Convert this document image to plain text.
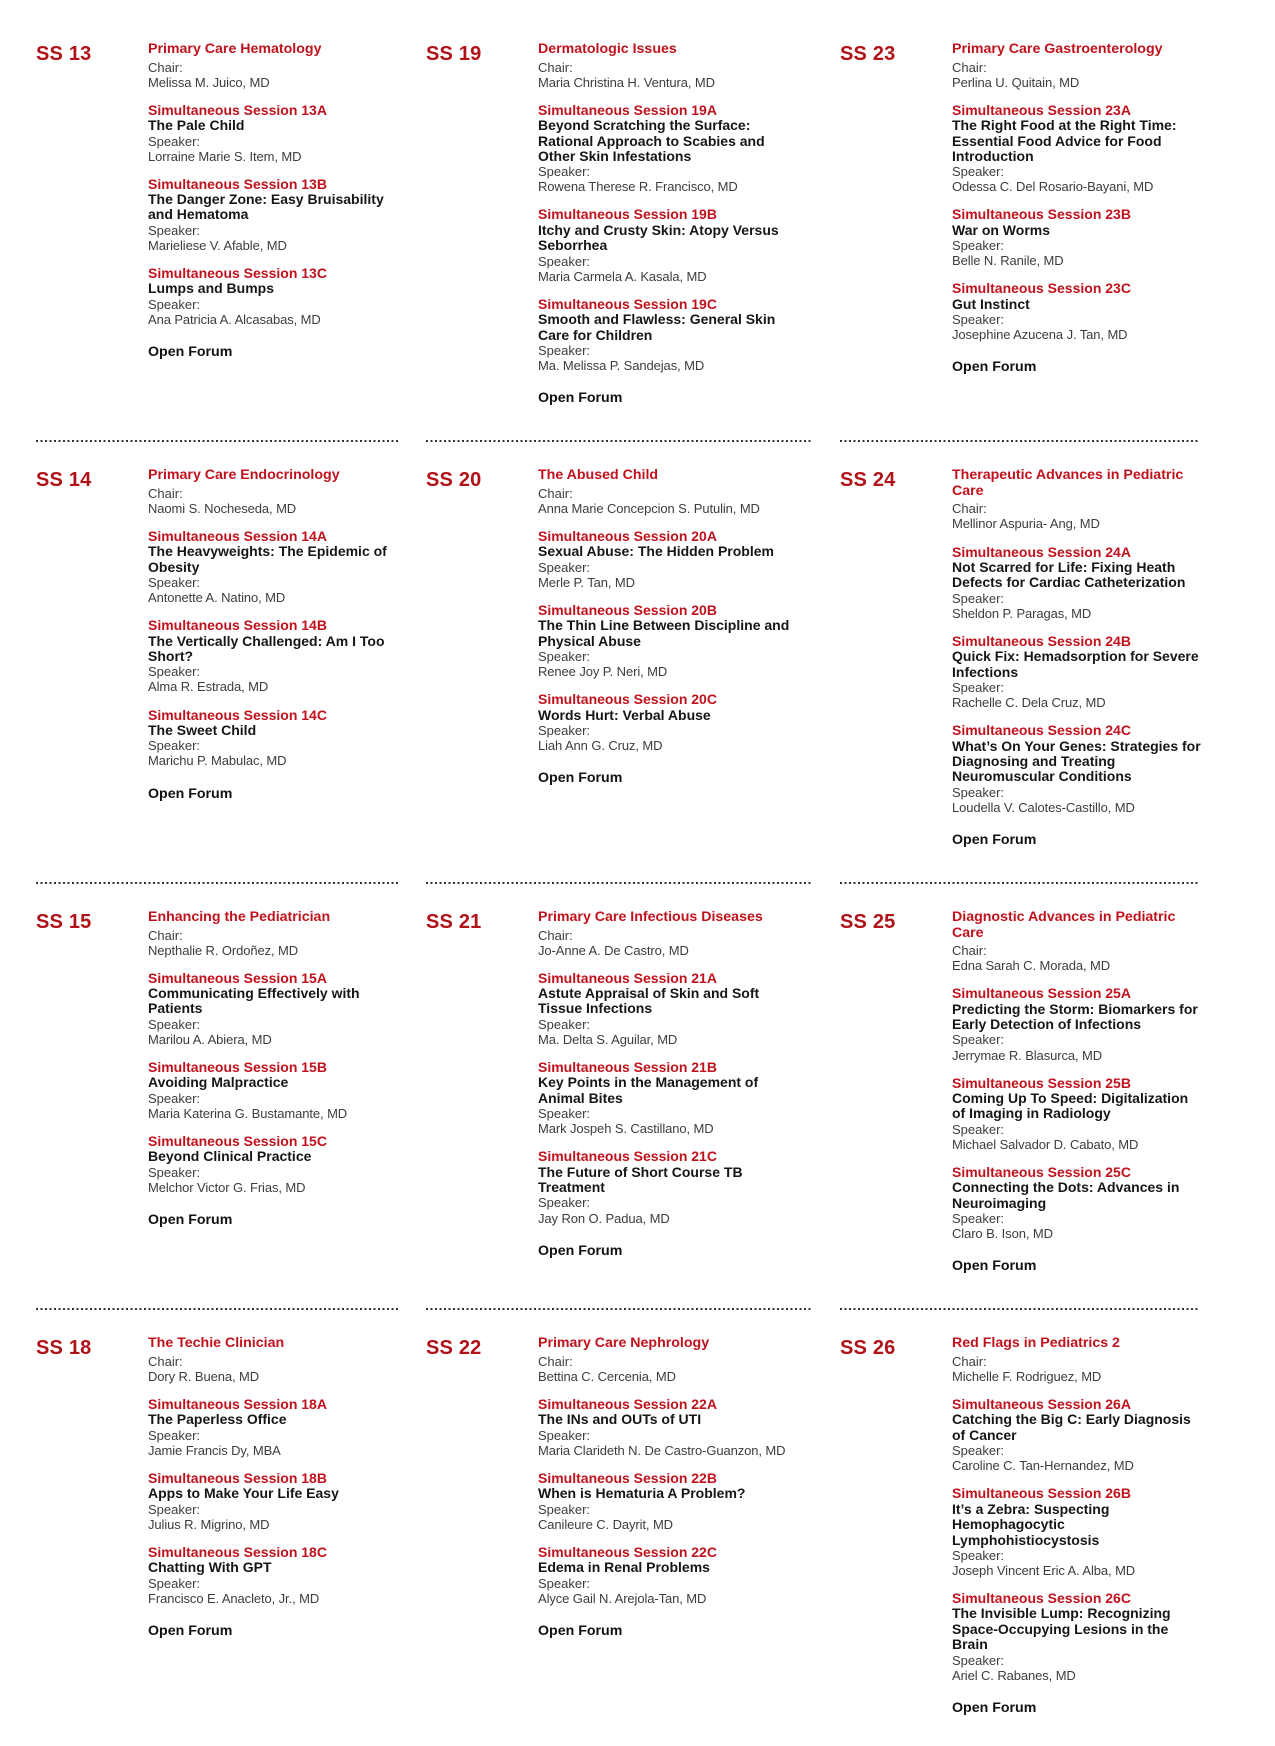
SS 13	Primary Care Hematology

Chair:

Melissa M. Juico, MD

Simultaneous Session 13A

The Pale Child

Speaker:

Lorraine Marie S. Item, MD

Simultaneous Session 13B

The Danger Zone: Easy Bruisability and Hematoma

Speaker:

Marieliese V. Afable, MD

Simultaneous Session 13C

Lumps and Bumps

Speaker:

Ana Patricia A. Alcasabas, MD

Open Forum

SS 19	Dermatologic Issues

Chair:

Maria Christina H. Ventura, MD

Simultaneous Session 19A

Beyond Scratching the Surface: Rational Approach to Scabies and Other Skin Infestations

Speaker:

Rowena Therese R. Francisco, MD

Simultaneous Session 19B

Itchy and Crusty Skin: Atopy Versus Seborrhea

Speaker:

Maria Carmela A. Kasala, MD

Simultaneous Session 19C

Smooth and Flawless: General Skin Care for Children

Speaker:

Ma. Melissa P. Sandejas, MD

Open Forum

SS 23	Primary Care Gastroenterology

Chair:

Perlina U. Quitain, MD

Simultaneous Session 23A

The Right Food at the Right Time: Essential Food Advice for Food Introduction

Speaker:

Odessa C. Del Rosario-Bayani, MD

Simultaneous Session 23B

War on Worms

Speaker:

Belle N. Ranile, MD

Simultaneous Session 23C

Gut Instinct

Speaker:

Josephine Azucena J. Tan, MD

Open Forum

SS 14	Primary Care Endocrinology

Chair:

Naomi S. Nocheseda, MD

Simultaneous Session 14A

The Heavyweights: The Epidemic of Obesity

Speaker:

Antonette A. Natino, MD

Simultaneous Session 14B

The Vertically Challenged: Am I Too Short?

Speaker:

Alma R. Estrada, MD

Simultaneous Session 14C

The Sweet Child

Speaker:

Marichu P. Mabulac, MD

Open Forum

SS 20	The Abused Child

Chair:

Anna Marie Concepcion S. Putulin, MD

Simultaneous Session 20A

Sexual Abuse: The Hidden Problem

Speaker:

Merle P. Tan, MD

Simultaneous Session 20B

The Thin Line Between Discipline and Physical Abuse

Speaker:

Renee Joy P. Neri, MD

Simultaneous Session 20C

Words Hurt: Verbal Abuse

Speaker:

Liah Ann G. Cruz, MD

Open Forum

SS 24	Therapeutic Advances in Pediatric Care

Chair:

Mellinor Aspuria- Ang, MD

Simultaneous Session 24A

Not Scarred for Life: Fixing Heath Defects for Cardiac Catheterization

Speaker:

Sheldon P. Paragas, MD

Simultaneous Session 24B

Quick Fix: Hemadsorption for Severe Infections

Speaker:

Rachelle C. Dela Cruz, MD

Simultaneous Session 24C

What’s On Your Genes: Strategies for Diagnosing and Treating Neuromuscular Conditions

Speaker:

Loudella V. Calotes-Castillo, MD

Open Forum

SS 15	Enhancing the Pediatrician

Chair:

Nepthalie R. Ordoñez, MD

Simultaneous Session 15A

Communicating Effectively with Patients

Speaker:

Marilou A. Abiera, MD

Simultaneous Session 15B

Avoiding Malpractice

Speaker:

Maria Katerina G. Bustamante, MD

Simultaneous Session 15C

Beyond Clinical Practice

Speaker:

Melchor Victor G. Frias, MD

Open Forum

SS 21	Primary Care Infectious Diseases

Chair:

Jo-Anne A. De Castro, MD

Simultaneous Session 21A

Astute Appraisal of Skin and Soft Tissue Infections

Speaker:

Ma. Delta S. Aguilar, MD

Simultaneous Session 21B

Key Points in the Management of Animal Bites

Speaker:

Mark Jospeh S. Castillano, MD

Simultaneous Session 21C

The Future of Short Course TB Treatment

Speaker:

Jay Ron O. Padua, MD

Open Forum

SS 25	Diagnostic Advances in Pediatric Care

Chair:

Edna Sarah C. Morada, MD

Simultaneous Session 25A

Predicting the Storm: Biomarkers for Early Detection of Infections

Speaker:

Jerrymae R. Blasurca, MD

Simultaneous Session 25B

Coming Up To Speed: Digitalization of Imaging in Radiology

Speaker:

Michael Salvador D. Cabato, MD

Simultaneous Session 25C

Connecting the Dots: Advances in Neuroimaging

Speaker:

Claro B. Ison, MD

Open Forum

SS 18	The Techie Clinician

Chair:

Dory R. Buena, MD

Simultaneous Session 18A

The Paperless Office

Speaker:

Jamie Francis Dy, MBA

Simultaneous Session 18B

Apps to Make Your Life Easy

Speaker:

Julius R. Migrino, MD

Simultaneous Session 18C

Chatting With GPT

Speaker:

Francisco E. Anacleto, Jr., MD

Open Forum

SS 22	Primary Care Nephrology

Chair:

Bettina C. Cercenia, MD

Simultaneous Session 22A

The INs and OUTs of UTI

Speaker:

Maria Clarideth N. De Castro-Guanzon, MD

Simultaneous Session 22B

When is Hematuria A Problem?

Speaker:

Canileure C. Dayrit, MD

Simultaneous Session 22C

Edema in Renal Problems

Speaker:

Alyce Gail N. Arejola-Tan, MD

Open Forum

SS 26	Red Flags in Pediatrics 2

Chair:

Michelle F. Rodriguez, MD

Simultaneous Session 26A

Catching the Big C: Early Diagnosis of Cancer

Speaker:

Caroline C. Tan-Hernandez, MD

Simultaneous Session 26B

It’s a Zebra: Suspecting Hemophagocytic Lymphohistiocystosis

Speaker:

Joseph Vincent Eric A. Alba, MD

Simultaneous Session 26C

The Invisible Lump: Recognizing Space-Occupying Lesions in the Brain

Speaker:

Ariel C. Rabanes, MD

Open Forum
